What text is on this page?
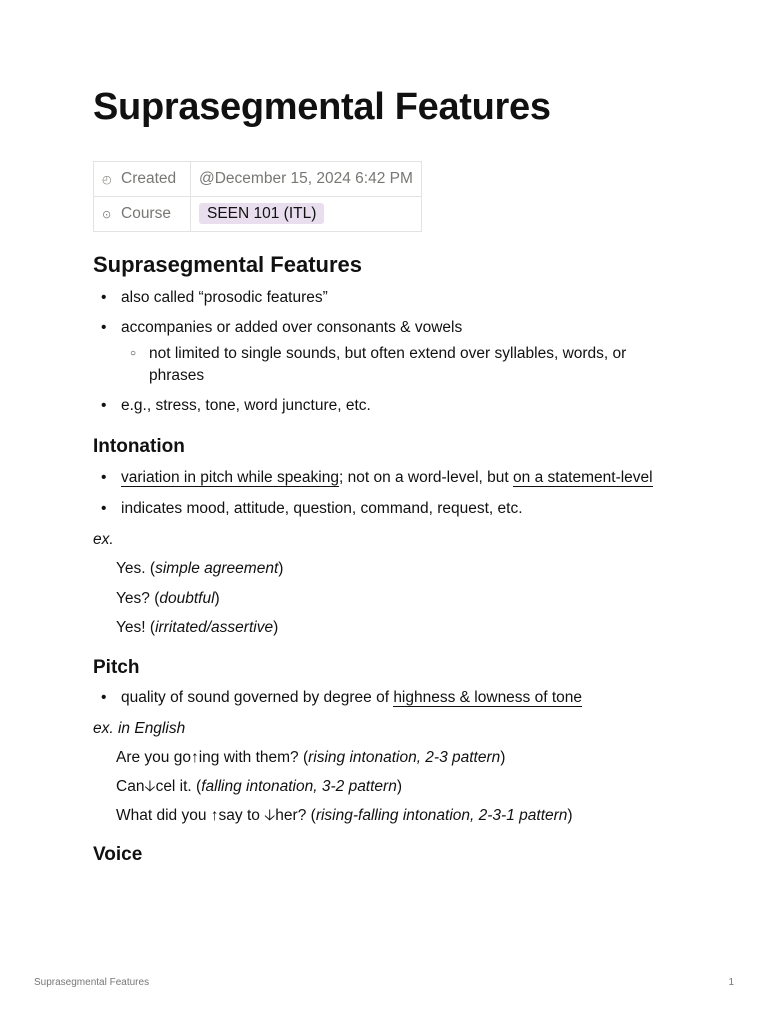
Suprasegmental Features
◴ Created	@December 15, 2024 6:42 PM
⊙ Course	SEEN 101 (ITL)
Suprasegmental Features
• also called “prosodic features”
• accompanies or added over consonants & vowels
○ not limited to single sounds, but often extend over syllables, words, or phrases
• e.g., stress, tone, word juncture, etc.
Intonation
• variation in pitch while speaking; not on a word-level, but on a statement-level
• indicates mood, attitude, question, command, request, etc.
ex.
Yes. (simple agreement)
Yes? (doubtful)
Yes! (irritated/assertive)
Pitch
• quality of sound governed by degree of highness & lowness of tone
ex. in English
Are you go↑ing with them? (rising intonation, 2-3 pattern)
Can🡣cel it. (falling intonation, 3-2 pattern)
What did you ↑say to 🡣her? (rising-falling intonation, 2-3-1 pattern)
Voice
Suprasegmental Features	1
